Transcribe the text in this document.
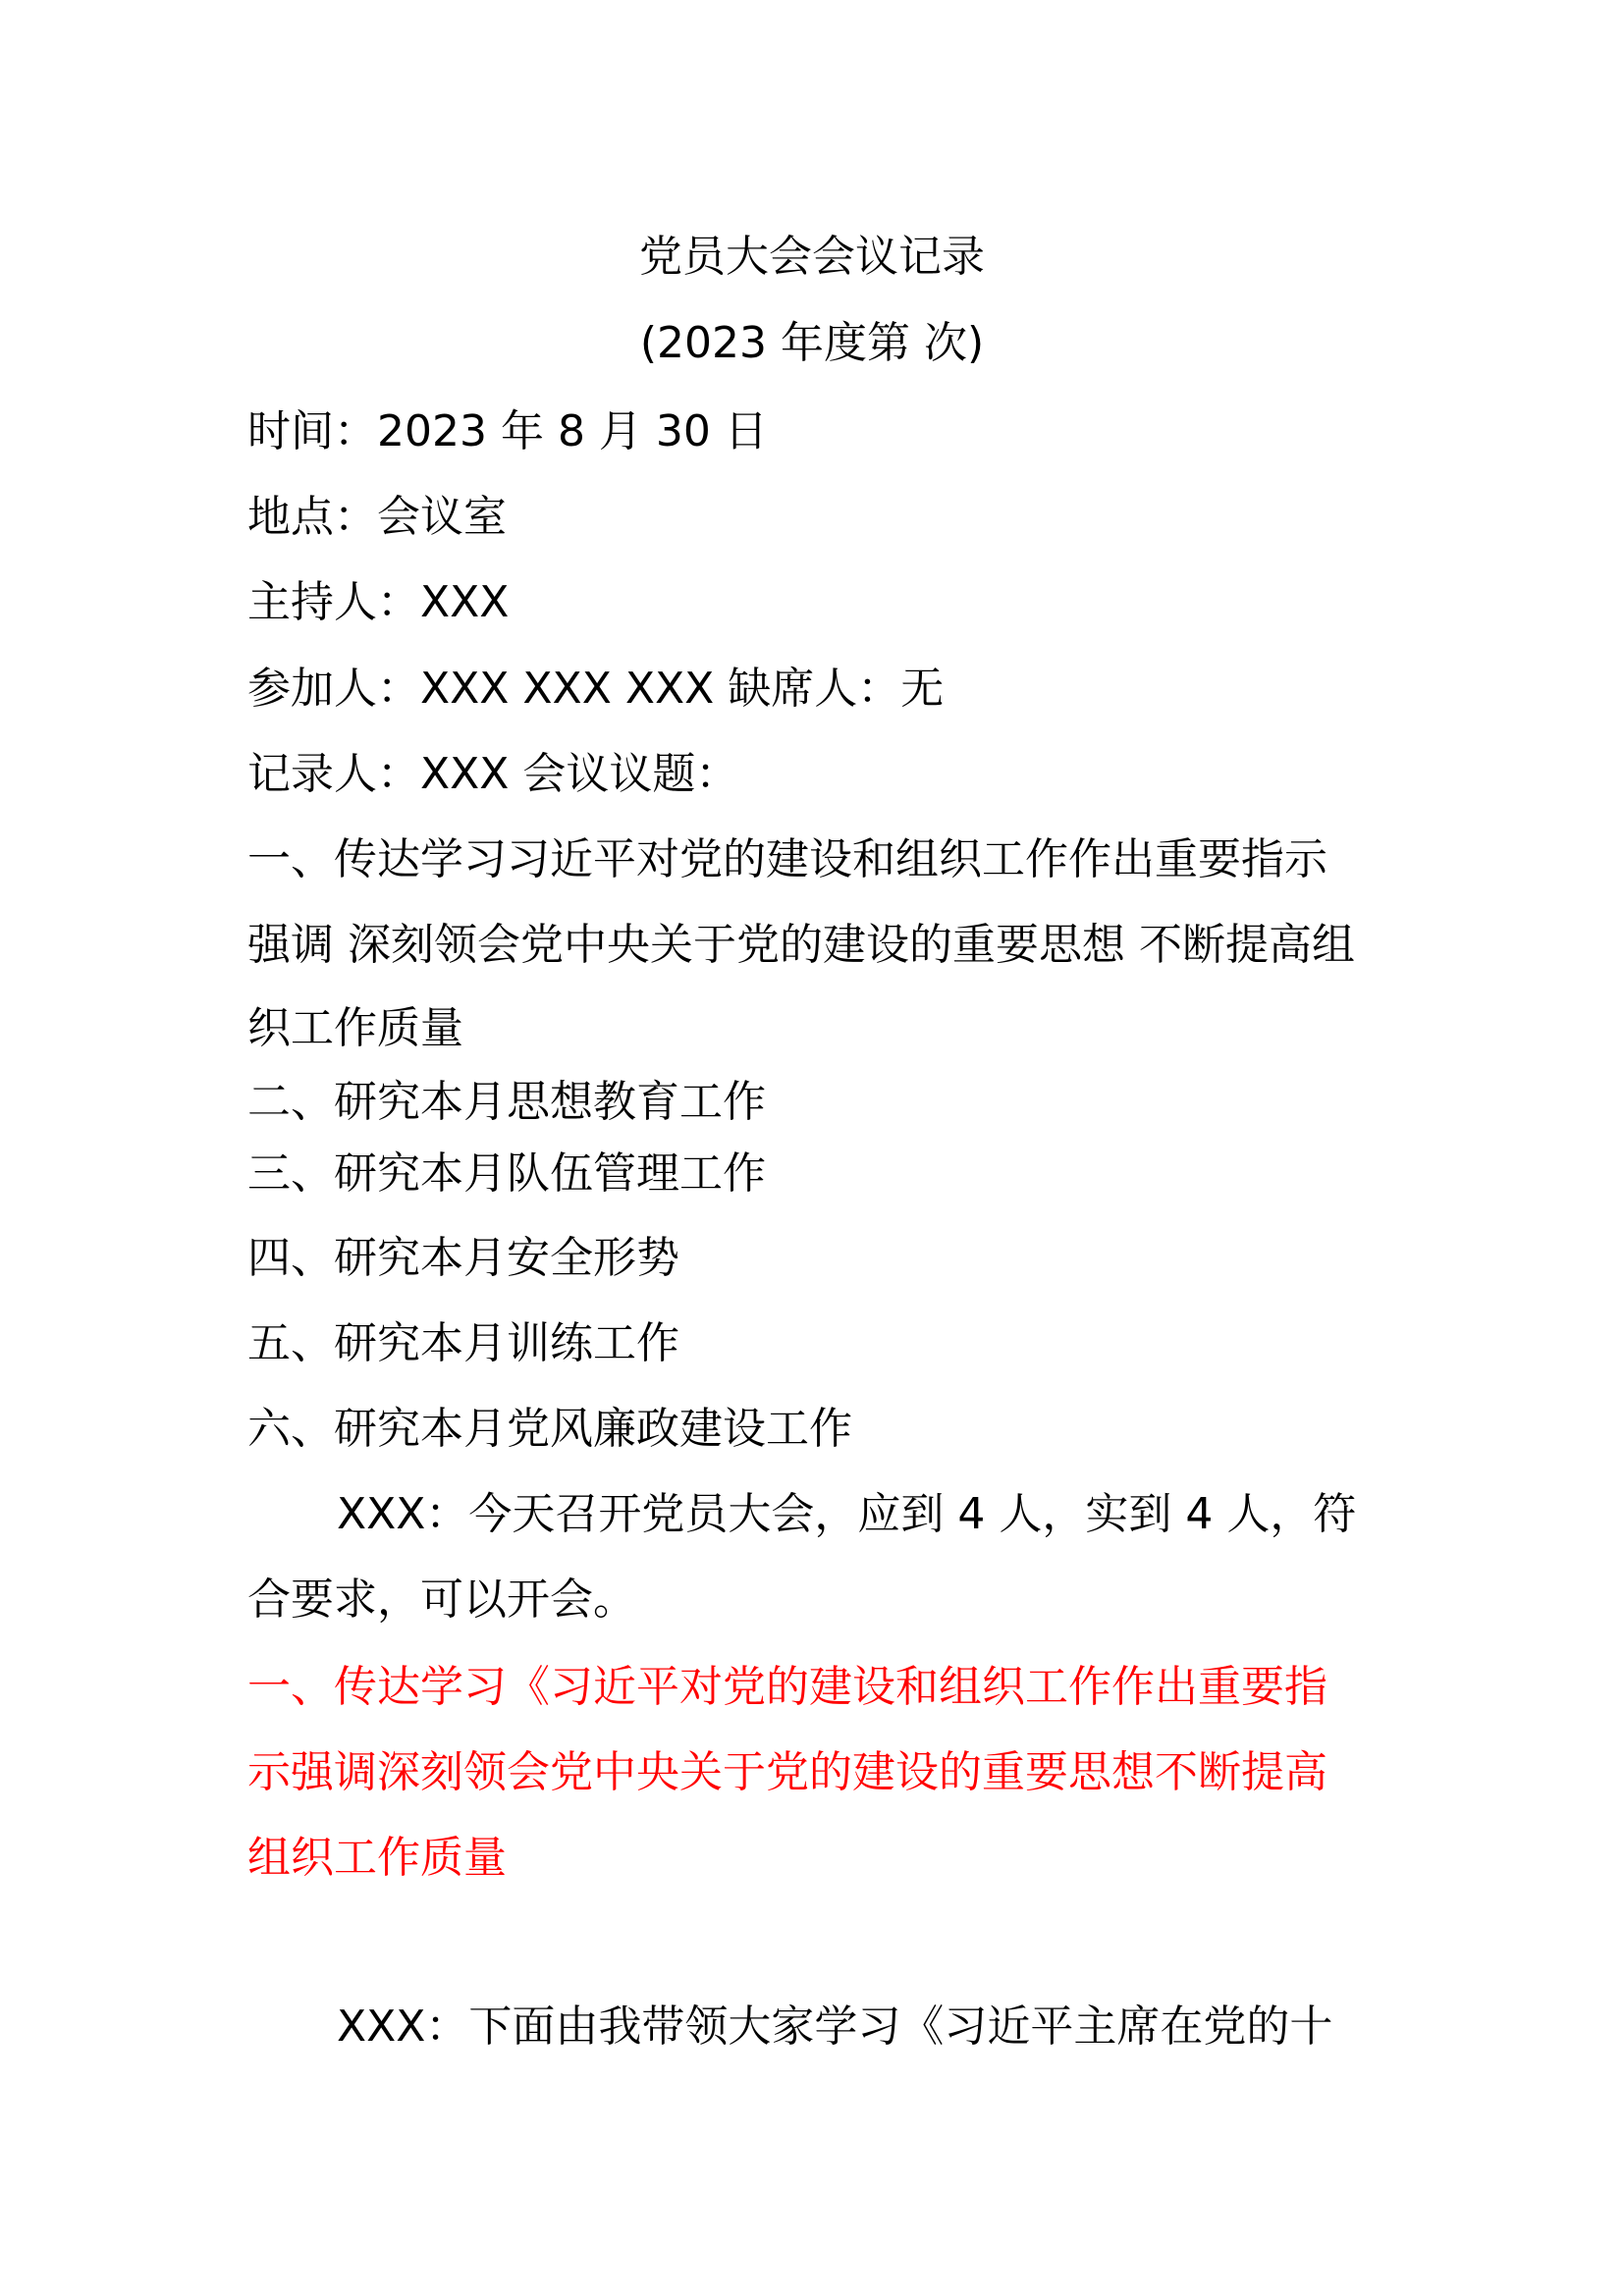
党员大会会议记录
(2023 年度第 次)
时间：2023 年 8 月 30 日
地点：会议室
主持人：XXX
参加人：XXX XXX XXX 缺席人：无
记录人：XXX 会议议题：
一、传达学习习近平对党的建设和组织工作作出重要指示
强调 深刻领会党中央关于党的建设的重要思想 不断提高组
织工作质量
二、研究本月思想教育工作
三、研究本月队伍管理工作
四、研究本月安全形势
五、研究本月训练工作
六、研究本月党风廉政建设工作
XXX：今天召开党员大会，应到 4 人，实到 4 人，符
合要求，可以开会。
一、传达学习《习近平对党的建设和组织工作作出重要指
示强调深刻领会党中央关于党的建设的重要思想不断提高
组织工作质量
XXX：下面由我带领大家学习《习近平主席在党的十
